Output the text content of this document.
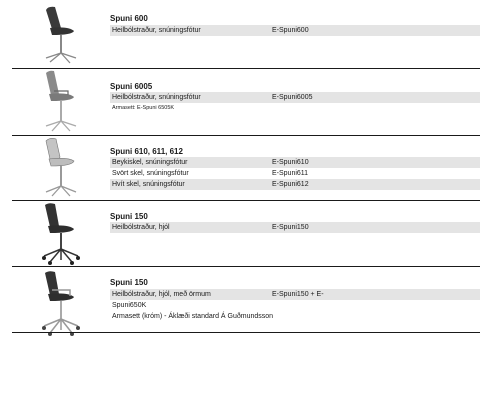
Spuni 600
Heilbólstraður, snúningsfótur	E-Spuni600
Spuni 6005
Heilbólstraður, snúningsfótur	E-Spuni6005
Armasett: E-Spuni 6505K
Spuni 610, 611, 612
Beykiskel, snúningsfótur	E-Spuni610
Svört skel, snúningsfótur	E-Spuni611
Hvít skel, snúningsfótur	E-Spuni612
Spuni 150
Heilbólstraður, hjól	E-Spuni150
Spuni 150
Heilbólstraður, hjól, með örmum	E-Spuni150 + E-
Spuni650K
Armasett (króm) - Áklæði standard Á Guðmundsson
